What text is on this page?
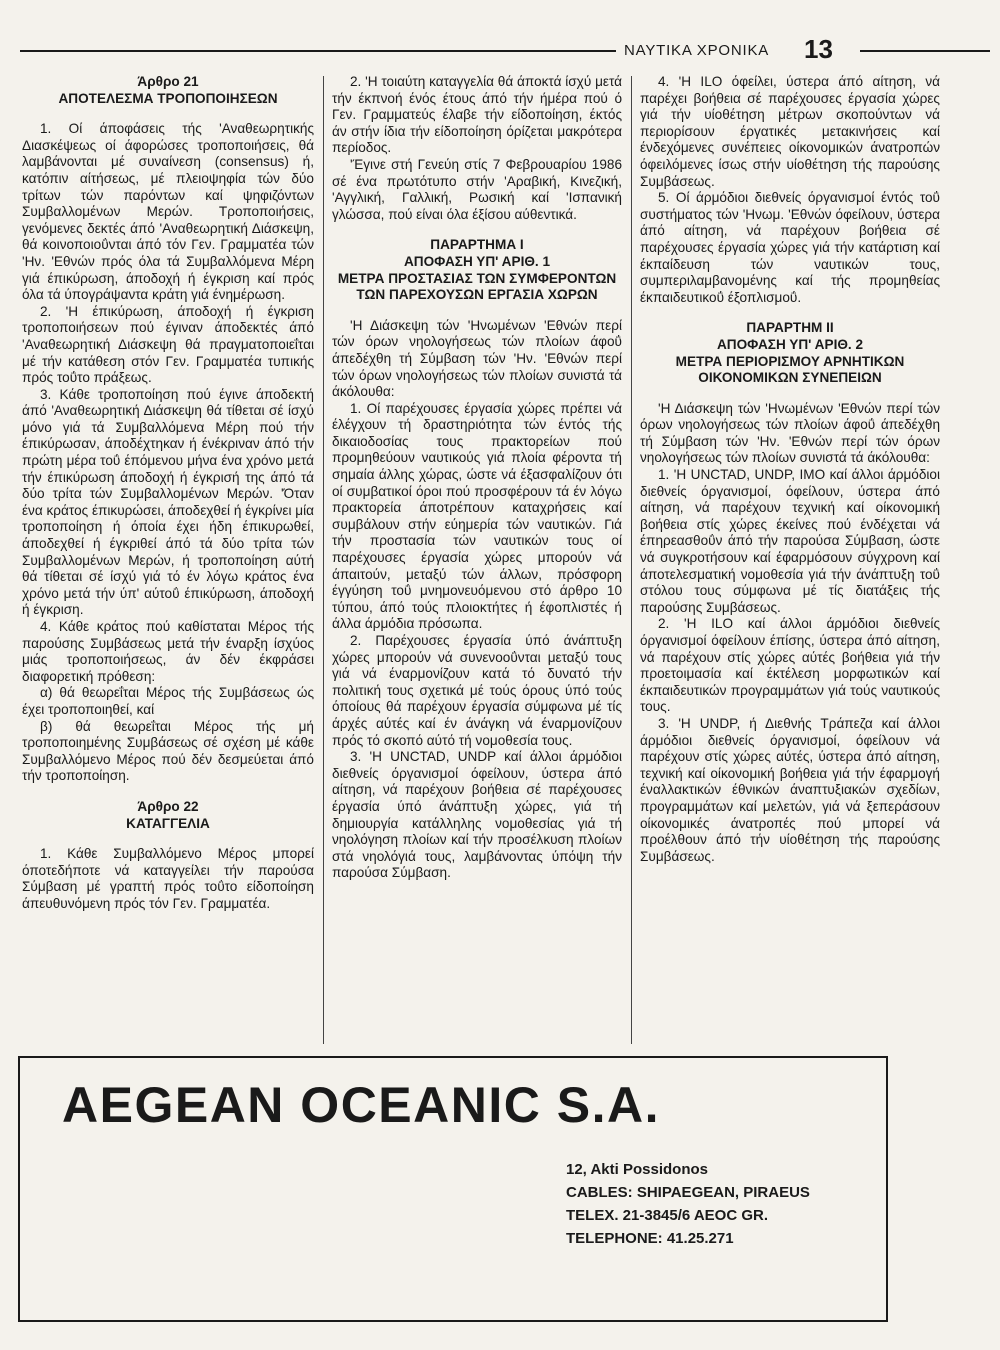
ΝΑΥΤΙΚΑ ΧΡΟΝΙΚΑ 13

Άρθρο 21

ΑΠΟΤΕΛΕΣΜΑ ΤΡΟΠΟΠΟΙΗΣΕΩΝ

1. Οί άποφάσεις τής 'Αναθεωρητικής Διασκέψεως οί άφορώσες τροποποιήσεις, θά λαμβάνονται μέ συναίνεση (consensus) ή, κατόπιν αίτήσεως, μέ πλειοψηφία τών δύο τρίτων τών παρόντων καί ψηφιζόντων Συμβαλλομένων Μερών. Τροποποιήσεις, γενόμενες δεκτές άπό 'Αναθεωρητική Διάσκεψη, θά κοινοποιοΰνται άπό τόν Γεν. Γραμματέα τών 'Ην. 'Εθνών πρός όλα τά Συμβαλλόμενα Μέρη γιά έπικύρωση, άποδοχή ή έγκριση καί πρός όλα τά ύπογράψαντα κράτη γιά ένημέρωση.

2. 'Η έπικύρωση, άποδοχή ή έγκριση τροποποιήσεων πού έγιναν άποδεκτές άπό 'Αναθεωρητική Διάσκεψη θά πραγματοποιεΐται μέ τήν κατάθεση στόν Γεν. Γραμματέα τυπικής πρός τοΰτο πράξεως.

3. Κάθε τροποποίηση πού έγινε άποδεκτή άπό 'Αναθεωρητική Διάσκεψη θά τίθεται σέ ίσχύ μόνο γιά τά Συμβαλλόμενα Μέρη πού τήν έπικύρωσαν, άποδέχτηκαν ή ένέκριναν άπό τήν πρώτη μέρα τοΰ έπόμενου μήνα ένα χρόνο μετά τήν έπικύρωση άποδοχή ή έγκρισή της άπό τά δύο τρίτα τών Συμβαλλομένων Μερών. 'Όταν ένα κράτος έπικυρώσει, άποδεχθεί ή έγκρίνει μία τροποποίηση ή όποία έχει ήδη έπικυρωθεί, άποδεχθεί ή έγκριθεί άπό τά δύο τρίτα τών Συμβαλλομένων Μερών, ή τροποποίηση αύτή θά τίθεται σέ ίσχύ γιά τό έν λόγω κράτος ένα χρόνο μετά τήν ύπ' αύτοΰ έπικύρωση, άποδοχή ή έγκριση.

4. Κάθε κράτος πού καθίσταται Μέρος τής παρούσης Συμβάσεως μετά τήν έναρξη ίσχύος μιάς τροποποιήσεως, άν δέν έκφράσει διαφορετική πρόθεση:

α) θά θεωρεΐται Μέρος τής Συμβάσεως ώς έχει τροποποιηθεί, καί

β) θά θεωρεΐται Μέρος τής μή τροποποιημένης Συμβάσεως σέ σχέση μέ κάθε Συμβαλλόμενο Μέρος πού δέν δεσμεύεται άπό τήν τροποποίηση.

Άρθρο 22

ΚΑΤΑΓΓΕΛΙΑ

1. Κάθε Συμβαλλόμενο Μέρος μπορεί όποτεδήποτε νά καταγγείλει τήν παρούσα Σύμβαση μέ γραπτή πρός τοΰτο είδοποίηση άπευθυνόμενη πρός τόν Γεν. Γραμματέα.

2. 'Η τοιαύτη καταγγελία θά άποκτά ίσχύ μετά τήν έκπνοή ένός έτους άπό τήν ήμέρα πού ό Γεν. Γραμματεύς έλαβε τήν είδοποίηση, έκτός άν στήν ίδια τήν είδοποίηση όρίζεται μακρότερα περίοδος.

'Έγινε στή Γενεύη στίς 7 Φεβρουαρίου 1986 σέ ένα πρωτότυπο στήν 'Αραβική, Κινεζική, 'Αγγλική, Γαλλική, Ρωσική καί 'Ισπανική γλώσσα, πού είναι όλα έξίσου αύθεντικά.

ΠΑΡΑΡΤΗΜΑ Ι

ΑΠΟΦΑΣΗ ΥΠ' ΑΡΙΘ. 1

ΜΕΤΡΑ ΠΡΟΣΤΑΣΙΑΣ ΤΩΝ ΣΥΜΦΕΡΟΝΤΩΝ ΤΩΝ ΠΑΡΕΧΟΥΣΩΝ ΕΡΓΑΣΙΑ ΧΩΡΩΝ

'Η Διάσκεψη τών 'Ηνωμένων 'Εθνών περί τών όρων νηολογήσεως τών πλοίων άφοΰ άπεδέχθη τή Σύμβαση τών 'Ην. 'Εθνών περί τών όρων νηολογήσεως τών πλοίων συνιστά τά άκόλουθα:

1. Οί παρέχουσες έργασία χώρες πρέπει νά έλέγχουν τή δραστηριότητα τών έντός τής δικαιοδοσίας τους πρακτορείων πού προμηθεύουν ναυτικούς γιά πλοία φέροντα τή σημαία άλλης χώρας, ώστε νά έξασφαλίζουν ότι οί συμβατικοί όροι πού προσφέρουν τά έν λόγω πρακτορεία άποτρέπουν καταχρήσεις καί συμβάλουν στήν εύημερία τών ναυτικών. Γιά τήν προστασία τών ναυτικών τους οί παρέχουσες έργασία χώρες μπορούν νά άπαιτούν, μεταξύ τών άλλων, πρόσφορη έγγύηση τοΰ μνημονευόμενου στό άρθρο 10 τύπου, άπό τούς πλοιοκτήτες ή έφοπλιστές ή άλλα άρμόδια πρόσωπα.

2. Παρέχουσες έργασία ύπό άνάπτυξη χώρες μπορούν νά συνενοοΰνται μεταξύ τους γιά νά έναρμονίζουν κατά τό δυνατό τήν πολιτική τους σχετικά μέ τούς όρους ύπό τούς όποίους θά παρέχουν έργασία σύμφωνα μέ τίς άρχές αύτές καί έν άνάγκη νά έναρμονίζουν πρός τό σκοπό αύτό τή νομοθεσία τους.

3. 'Η UNCTAD, UNDP καί άλλοι άρμόδιοι διεθνείς όργανισμοί όφείλουν, ύστερα άπό αίτηση, νά παρέχουν βοήθεια σέ παρέχουσες έργασία ύπό άνάπτυξη χώρες, γιά τή δημιουργία κατάλληλης νομοθεσίας γιά τή νηολόγηση πλοίων καί τήν προσέλκυση πλοίων στά νηολόγιά τους, λαμβάνοντας ύπόψη τήν παρούσα Σύμβαση.

4. 'Η ILO όφείλει, ύστερα άπό αίτηση, νά παρέχει βοήθεια σέ παρέχουσες έργασία χώρες γιά τήν υίοθέτηση μέτρων σκοπούντων νά περιορίσουν έργατικές μετακινήσεις καί ένδεχόμενες συνέπειες οίκονομικών άνατροπών όφειλόμενες ίσως στήν υίοθέτηση τής παρούσης Συμβάσεως.

5. Οί άρμόδιοι διεθνείς όργανισμοί έντός τοΰ συστήματος τών 'Ηνωμ. 'Εθνών όφείλουν, ύστερα άπό αίτηση, νά παρέχουν βοήθεια σέ παρέχουσες έργασία χώρες γιά τήν κατάρτιση καί έκπαίδευση τών ναυτικών τους, συμπεριλαμβανομένης καί τής προμηθείας έκπαιδευτικοΰ έξοπλισμοΰ.

ΠΑΡΑΡΤΗΜ ΙΙ

ΑΠΟΦΑΣΗ ΥΠ' ΑΡΙΘ. 2

ΜΕΤΡΑ ΠΕΡΙΟΡΙΣΜΟΥ ΑΡΝΗΤΙΚΩΝ ΟΙΚΟΝΟΜΙΚΩΝ ΣΥΝΕΠΕΙΩΝ

'Η Διάσκεψη τών 'Ηνωμένων 'Εθνών περί τών όρων νηολογήσεως τών πλοίων άφοΰ άπεδέχθη τή Σύμβαση τών 'Ην. 'Εθνών περί τών όρων νηολογήσεως τών πλοίων συνιστά τά άκόλουθα:

1. 'Η UNCTAD, UNDP, IMO καί άλλοι άρμόδιοι διεθνείς όργανισμοί, όφείλουν, ύστερα άπό αίτηση, νά παρέχουν τεχνική καί οίκονομική βοήθεια στίς χώρες έκείνες πού ένδέχεται νά έπηρεασθοΰν άπό τήν παρούσα Σύμβαση, ώστε νά συγκροτήσουν καί έφαρμόσουν σύγχρονη καί άποτελεσματική νομοθεσία γιά τήν άνάπτυξη τοΰ στόλου τους σύμφωνα μέ τίς διατάξεις τής παρούσης Συμβάσεως.

2. 'Η ILO καί άλλοι άρμόδιοι διεθνείς όργανισμοί όφείλουν έπίσης, ύστερα άπό αίτηση, νά παρέχουν στίς χώρες αύτές βοήθεια γιά τήν προετοιμασία καί έκτέλεση μορφωτικών καί έκπαιδευτικών προγραμμάτων γιά τούς ναυτικούς τους.

3. 'Η UNDP, ή Διεθνής Τράπεζα καί άλλοι άρμόδιοι διεθνείς όργανισμοί, όφείλουν νά παρέχουν στίς χώρες αύτές, ύστερα άπό αίτηση, τεχνική καί οίκονομική βοήθεια γιά τήν έφαρμογή έναλλακτικών έθνικών άναπτυξιακών σχεδίων, προγραμμάτων καί μελετών, γιά νά ξεπεράσουν οίκονομικές άνατροπές πού μπορεί νά προέλθουν άπό τήν υίοθέτηση τής παρούσης Συμβάσεως.

AEGEAN OCEANIC S.A.
12, Akti Possidonos
CABLES: SHIPAEGEAN, PIRAEUS
TELEX. 21-3845/6 AEOC GR.
TELEPHONE: 41.25.271
